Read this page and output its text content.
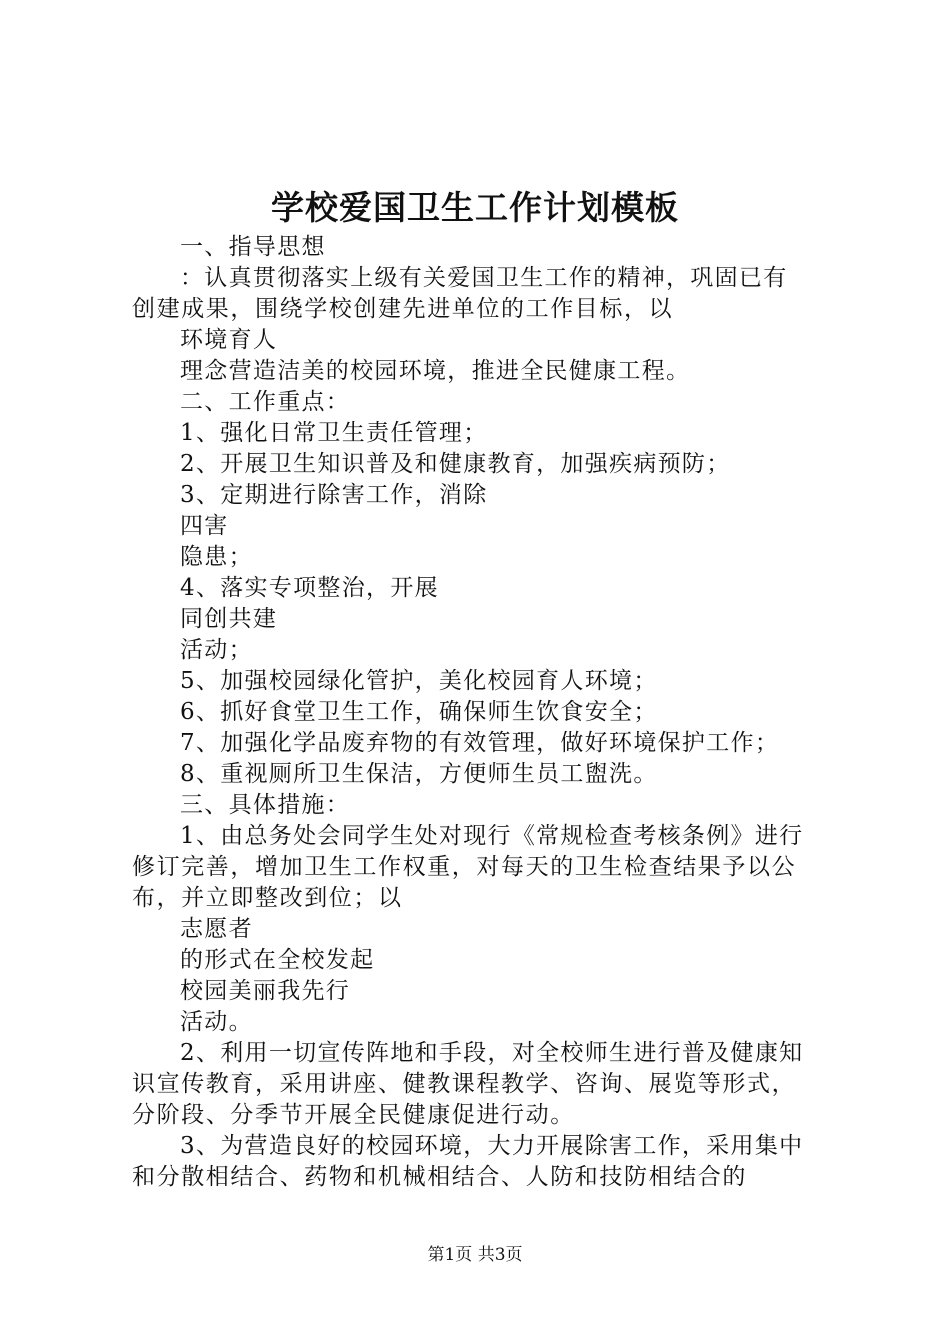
学校爱国卫生工作计划模板
一、指导思想
：认真贯彻落实上级有关爱国卫生工作的精神，巩固已有
创建成果，围绕学校创建先进单位的工作目标，以
环境育人
理念营造洁美的校园环境，推进全民健康工程。
二、工作重点：
1、强化日常卫生责任管理；
2、开展卫生知识普及和健康教育，加强疾病预防；
3、定期进行除害工作，消除
四害
隐患；
4、落实专项整治，开展
同创共建
活动；
5、加强校园绿化管护，美化校园育人环境；
6、抓好食堂卫生工作，确保师生饮食安全；
7、加强化学品废弃物的有效管理，做好环境保护工作；
8、重视厕所卫生保洁，方便师生员工盥洗。
三、具体措施：
1、由总务处会同学生处对现行《常规检查考核条例》进行
修订完善，增加卫生工作权重，对每天的卫生检查结果予以公
布，并立即整改到位；以
志愿者
的形式在全校发起
校园美丽我先行
活动。
2、利用一切宣传阵地和手段，对全校师生进行普及健康知
识宣传教育，采用讲座、健教课程教学、咨询、展览等形式，
分阶段、分季节开展全民健康促进行动。
3、为营造良好的校园环境，大力开展除害工作，采用集中
和分散相结合、药物和机械相结合、人防和技防相结合的
第1页 共3页
